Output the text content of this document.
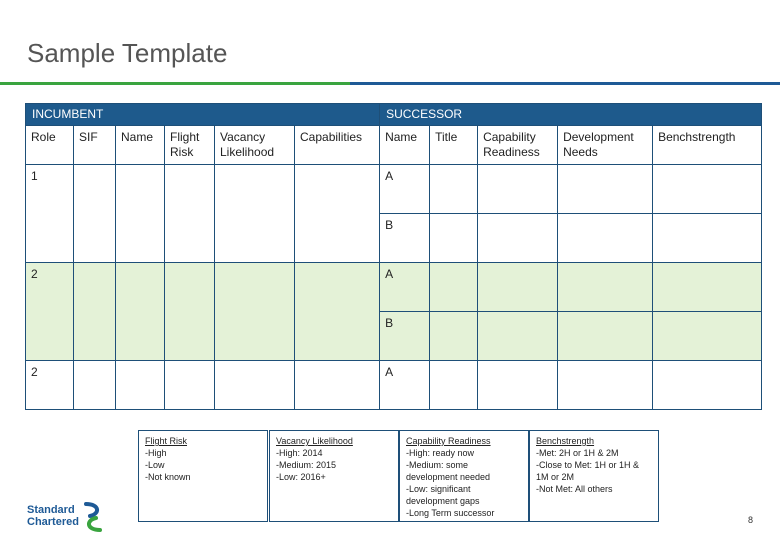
Sample Template
INCUMBENT						SUCCESSOR				
Role	SIF	Name	Flight Risk	Vacancy Likelihood	Capabilities	Name	Title	Capability Readiness	Development Needs	Benchstrength
1						A				
						B				
2						A				
						B				
2						A				
Flight Risk
-High
-Low
-Not known
Vacancy Likelihood
-High: 2014
-Medium: 2015
-Low: 2016+
Capability Readiness
-High: ready now
-Medium: some
development needed
-Low: significant
development gaps
-Long Term successor
Benchstrength
-Met: 2H or 1H & 2M
-Close to Met: 1H or 1H &
1M or 2M
-Not Met: All others
Standard
Chartered	8
